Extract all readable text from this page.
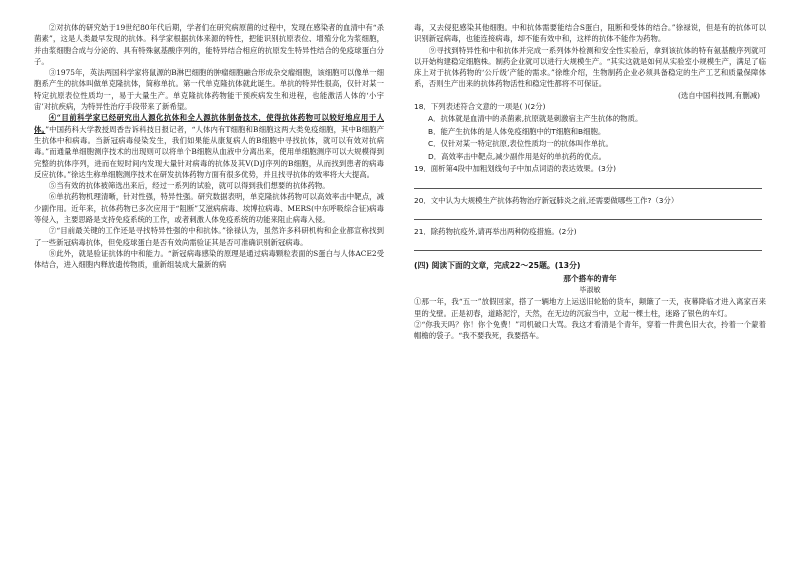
②对抗体的研究始于19世纪80年代后期，学者们在研究病原菌的过程中，发现在感染者的血清中有“杀菌素”，这是人类最早发现的抗体。科学家根据抗体来源的特性，把能识别抗原表位、增殖分化为浆细胞，并由浆细胞合成与分泌的、具有特殊氨基酸序列的，能特异结合相应的抗原发生特异性结合的免疫球蛋白分子。

③1975年，英法两国科学家将鼠源的B淋巴细胞的肿瘤细胞融合形成杂交瘤细胞，该细胞可以像单一细胞系产生的抗体叫做单克隆抗体，简称单抗。第一代单克隆抗体就此诞生。单抗的特异性很高，仅针对某一特定抗原表位性质均一，易于大量生产。单克隆抗体药物能干预疾病发生和进程，也能激活人体的‘小宇宙’对抗疾病，为特异性治疗手段带来了新希望。

④“目前科学家已经研究出人源化抗体和全人源抗体制备技术，使得抗体药物可以较好地应用于人体。”中国药科大学教授周香告诉科技日报记者，“人体内有T细胞和B细胞这两大类免疫细胞，其中B细胞产生抗体中和病毒。当新冠病毒侵染发生，我们如果能从康复病人的B细胞中寻找抗体，就可以有效对抗病毒。”而通量单细胞测序技术的出现则可以将单个B细胞从血液中分离出来，使用单细胞测序可以大规模得到完整的抗体序列，进而在短时间内发现大量针对病毒的抗体及其V(D)J序列的B细胞，从而找到患者的病毒反应抗体。”徐达生称单细胞测序技术在研发抗体药物方面有很多优势，并且找寻抗体的效率将大大提高。

⑤当有效的抗体被筛选出来后，经过一系列的试验，就可以得到我们想要的抗体药物。

⑥单抗药物机理清晰，针对性强，特异性强。研究数据表明，单克隆抗体药物可以高效率击中靶点，减少副作用。近年来，抗体药物已多次应用于“阻断”艾滋病病毒、埃博拉病毒、MERS(中东呼吸综合征)病毒等侵入，主要思路是支持免疫系统的工作，或者刺激人体免疫系统的功能来阻止病毒入侵。

⑦“目前最关键的工作还是寻找特异性强的中和抗体。”徐禄认为，虽然许多科研机构和企业都宣称找到了一些新冠病毒抗体，但免疫球蛋白是否有效尚需验证其是否可准确识别新冠病毒。

⑧此外，就是验证抗体的中和能力。“新冠病毒感染的原理是通过病毒颗粒表面的S蛋白与人体ACE2受体结合，进入细胞内释放遗传物质，重新组装成大量新的病

毒，又去侵犯感染其他细胞。中和抗体需要能结合S蛋白，阻断和受体的结合。”徐禄说，但是有的抗体可以识别新冠病毒，也能连接病毒，却不能有效中和，这样的抗体不能作为药物。

⑨寻找到特异性和中和抗体并完成一系列体外检测和安全性实验后，拿到该抗体的特有氨基酸序列就可以开始构建稳定细胞株。制药企业就可以进行大规模生产。“其实这就是如何从实验室小规模生产，满足了临床上对于抗体药物的‘公斤级’产能的需求。”徐维介绍，生物制药企业必须具备稳定的生产工艺和质量保障体系，否则生产出来的抗体药物活性和稳定性都将不可保证。

(选自中国科技网,有删减)

18．下列表述符合文意的一项是( )(2分)

A．抗体就是血清中的杀菌素,抗原就是刺激宿主产生抗体的物质。

B．能产生抗体的是人体免疫细胞中的T细胞和B细胞。

C．仅针对某一特定抗原,表位性质均一的抗体叫作单抗。

D．高效率击中靶点,减少副作用是好的单抗药的优点。

19．面析第4段中加粗划线句子中加点词语的表达效果。(3分)

20．文中认为大规模生产抗体药物治疗新冠肺炎之前,还需要做哪些工作?（3分）

21．除药物抗疫外,请再举出两种防疫措施。(2分)

(四) 阅读下面的文章，完成22～25题。(13分)

那个搭车的青年

毕淑敏

①那一年，我“五一”放假回家，搭了一辆地方上运送旧轮胎的货车，颠簸了一天，夜幕降临才进入离家百来里的戈壁。正是初春，道路泥泞，天然，在无边的沉寂当中，立起一棵土柱，迷路了银色的车灯。

②“你我天吗？你！你个免费！”司机破口大骂。我这才看清是个青年，穿着一件黄色旧大衣，拎着一个蒙着帽檐的袋子。“我不要我死，我要搭车。
